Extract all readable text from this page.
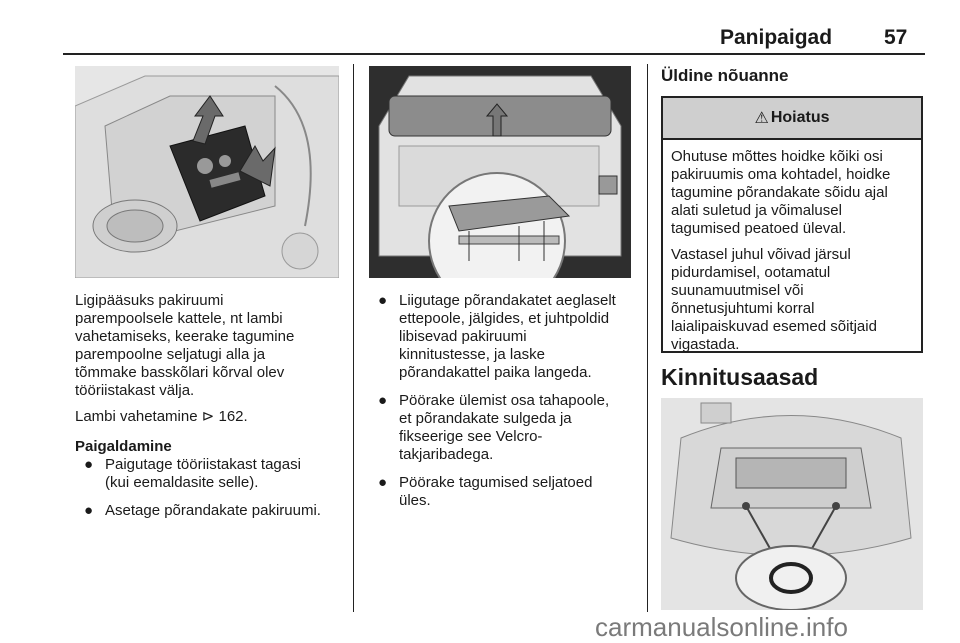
Panipaigad 57

Ligipääsuks pakiruumi
parempoolsele kattele, nt lambi
vahetamiseks, keerake tagumine
parempoolne seljatugi alla ja
tõmmake basskõlari kõrval olev
tööriistakast välja.

Lambi vahetamine ⊳ 162.

Paigaldamine

● Paigutage tööriistakast tagasi
(kui eemaldasite selle).
● Asetage põrandakate pakiruumi.
● Liigutage põrandakatet aeglaselt
ettepoole, jälgides, et juhtpoldid
libisevad pakiruumi
kinnitustesse, ja laske
põrandakattel paika langeda.
● Pöörake ülemist osa tahapoole,
et põrandakate sulgeda ja
fikseerige see Velcro-
takjaribadega.
● Pöörake tagumised seljatoed
üles.
Üldine nõuanne
⚠ Hoiatus

Ohutuse mõttes hoidke kõiki osi
pakiruumis oma kohtadel, hoidke
tagumine põrandakate sõidu ajal
alati suletud ja võimalusel
tagumised peatoed üleval.

Vastasel juhul võivad järsul
pidurdamisel, ootamatul
suunamuutmisel või
õnnetusjuhtumi korral
laialipaiskuvad esemed sõitjaid
vigastada.

Kinnitusaasad
carmanualsonline.info
